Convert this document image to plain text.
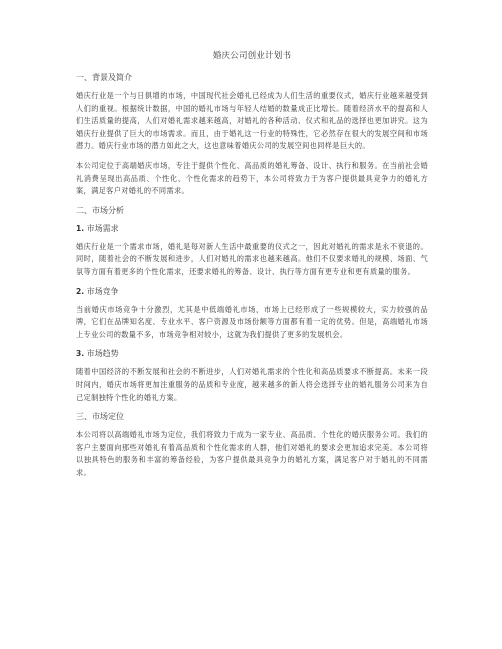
婚庆公司创业计划书
一、背景及简介

婚庆行业是一个与日俱增的市场，中国现代社会婚礼已经成为人们生活的重要仪式，婚庆行业越来越受到人们的重视。根据统计数据，中国的婚礼市场与年轻人结婚的数量成正比增长。随着经济水平的提高和人们生活质量的提高，人们对婚礼需求越来越高，对婚礼的各种活动、仪式和礼品的选择也更加讲究。这为婚庆行业提供了巨大的市场需求。而且，由于婚礼这一行业的特殊性，它必然存在很大的发展空间和市场潜力。婚庆行业市场的潜力如此之大，这也意味着婚庆公司的发展空间也同样是巨大的。

本公司定位于高端婚庆市场，专注于提供个性化、高品质的婚礼筹备、设计、执行和服务。在当前社会婚礼消费呈现出高品质、个性化、个性化需求的趋势下，本公司将致力于为客户提供最具竞争力的婚礼方案，满足客户对婚礼的不同需求。

二、市场分析
1. 市场需求

婚庆行业是一个需求市场，婚礼是每对新人生活中最重要的仪式之一，因此对婚礼的需求是永不衰退的。同时，随着社会的不断发展和进步，人们对婚礼的需求也越来越高。他们不仅要求婚礼的规模、场面、气氛等方面有着更多的个性化需求，还要求婚礼的筹备、设计、执行等方面有更专业和更有质量的服务。

2. 市场竞争

当前婚庆市场竞争十分激烈，尤其是中低端婚礼市场，市场上已经形成了一些规模较大，实力较强的品牌，它们在品牌知名度、专业水平、客户资源及市场份额等方面都有着一定的优势。但是，高端婚礼市场上专业公司的数量不多，市场竞争相对较小，这就为我们提供了更多的发展机会。

3. 市场趋势

随着中国经济的不断发展和社会的不断进步，人们对婚礼需求的个性化和高品质要求不断提高。未来一段时间内，婚庆市场将更加注重服务的品质和专业度，越来越多的新人将会选择专业的婚礼服务公司来为自己定制独特个性化的婚礼方案。

三、市场定位

本公司将以高端婚礼市场为定位，我们将致力于成为一家专业、高品质、个性化的婚庆服务公司。我们的客户主要面向那些对婚礼有着高品质和个性化需求的人群，他们对婚礼的要求会更加追求完美。本公司将以独具特色的服务和丰富的筹备经验，为客户提供最具竞争力的婚礼方案，满足客户对于婚礼的不同需求。
